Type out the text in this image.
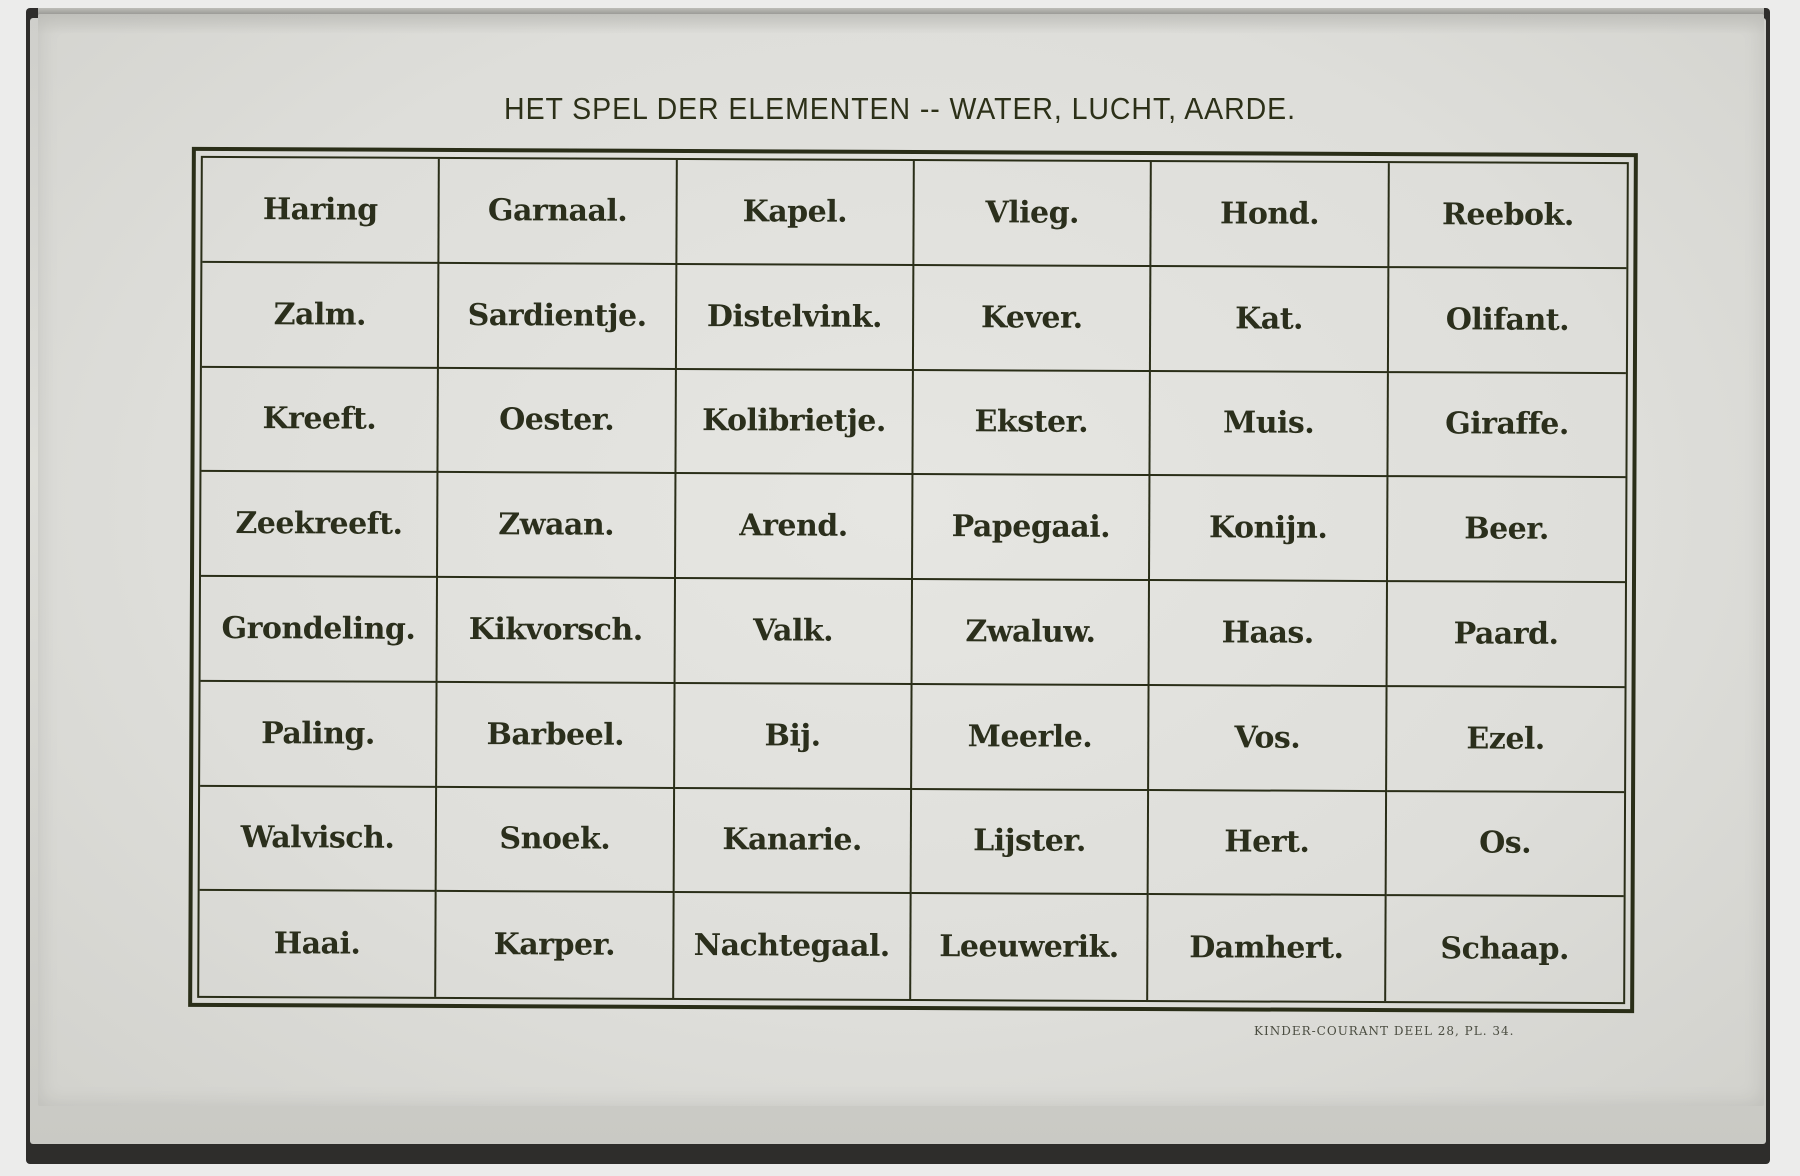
HET SPEL DER ELEMENTEN -- WATER, LUCHT, AARDE.
Haring	Garnaal.	Kapel.	Vlieg.	Hond.	Reebok.
Zalm.	Sardientje.	Distelvink.	Kever.	Kat.	Olifant.
Kreeft.	Oester.	Kolibrietje.	Ekster.	Muis.	Giraffe.
Zeekreeft.	Zwaan.	Arend.	Papegaai.	Konijn.	Beer.
Grondeling.	Kikvorsch.	Valk.	Zwaluw.	Haas.	Paard.
Paling.	Barbeel.	Bij.	Meerle.	Vos.	Ezel.
Walvisch.	Snoek.	Kanarie.	Lijster.	Hert.	Os.
Haai.	Karper.	Nachtegaal.	Leeuwerik.	Damhert.	Schaap.
KINDER-COURANT DEEL 28, PL. 34.
